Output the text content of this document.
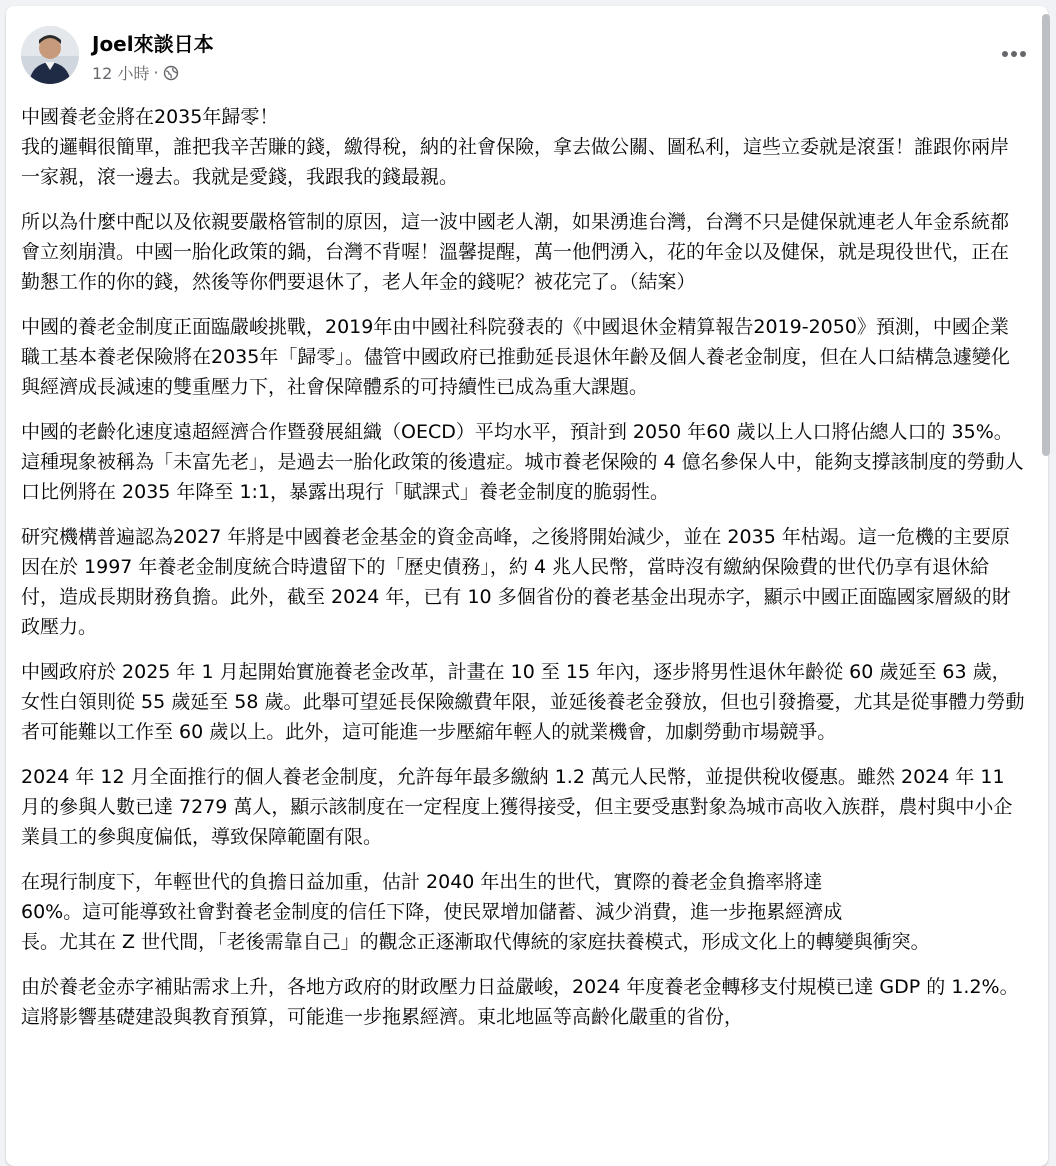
Joel來談日本
12 小時 ·

中國養老金將在2035年歸零！
我的邏輯很簡單，誰把我辛苦賺的錢，繳得稅，納的社會保險，拿去做公關、圖私利，這些立委就是滾蛋！誰跟你兩岸一家親，滾一邊去。我就是愛錢，我跟我的錢最親。

所以為什麼中配以及依親要嚴格管制的原因，這一波中國老人潮，如果湧進台灣，台灣不只是健保就連老人年金系統都會立刻崩潰。中國一胎化政策的鍋，台灣不背喔！溫馨提醒，萬一他們湧入，花的年金以及健保，就是現役世代，正在勤懇工作的你的錢，然後等你們要退休了，老人年金的錢呢？被花完了。（結案）

中國的養老金制度正面臨嚴峻挑戰，2019年由中國社科院發表的《中國退休金精算報告2019-2050》預測，中國企業職工基本養老保險將在2035年「歸零」。儘管中國政府已推動延長退休年齡及個人養老金制度，但在人口結構急遽變化與經濟成長減速的雙重壓力下，社會保障體系的可持續性已成為重大課題。

中國的老齡化速度遠超經濟合作暨發展組織（OECD）平均水平，預計到 2050 年60 歲以上人口將佔總人口的 35%。這種現象被稱為「未富先老」，是過去一胎化政策的後遺症。城市養老保險的 4 億名參保人中，能夠支撐該制度的勞動人口比例將在 2035 年降至 1:1，暴露出現行「賦課式」養老金制度的脆弱性。

研究機構普遍認為2027 年將是中國養老金基金的資金高峰，之後將開始減少，並在 2035 年枯竭。這一危機的主要原因在於 1997 年養老金制度統合時遺留下的「歷史債務」，約 4 兆人民幣，當時沒有繳納保險費的世代仍享有退休給付，造成長期財務負擔。此外，截至 2024 年，已有 10 多個省份的養老基金出現赤字，顯示中國正面臨國家層級的財政壓力。

中國政府於 2025 年 1 月起開始實施養老金改革，計畫在 10 至 15 年內，逐步將男性退休年齡從 60 歲延至 63 歲，女性白領則從 55 歲延至 58 歲。此舉可望延長保險繳費年限，並延後養老金發放，但也引發擔憂，尤其是從事體力勞動者可能難以工作至 60 歲以上。此外，這可能進一步壓縮年輕人的就業機會，加劇勞動市場競爭。

2024 年 12 月全面推行的個人養老金制度，允許每年最多繳納 1.2 萬元人民幣，並提供稅收優惠。雖然 2024 年 11 月的參與人數已達 7279 萬人，顯示該制度在一定程度上獲得接受，但主要受惠對象為城市高收入族群，農村與中小企業員工的參與度偏低，導致保障範圍有限。

在現行制度下，年輕世代的負擔日益加重，估計 2040 年出生的世代，實際的養老金負擔率將達
60%。這可能導致社會對養老金制度的信任下降，使民眾增加儲蓄、減少消費，進一步拖累經濟成
長。尤其在 Z 世代間，「老後需靠自己」的觀念正逐漸取代傳統的家庭扶養模式，形成文化上的轉變與衝突。

由於養老金赤字補貼需求上升，各地方政府的財政壓力日益嚴峻，2024 年度養老金轉移支付規模已達 GDP 的 1.2%。這將影響基礎建設與教育預算，可能進一步拖累經濟。東北地區等高齡化嚴重的省份，
